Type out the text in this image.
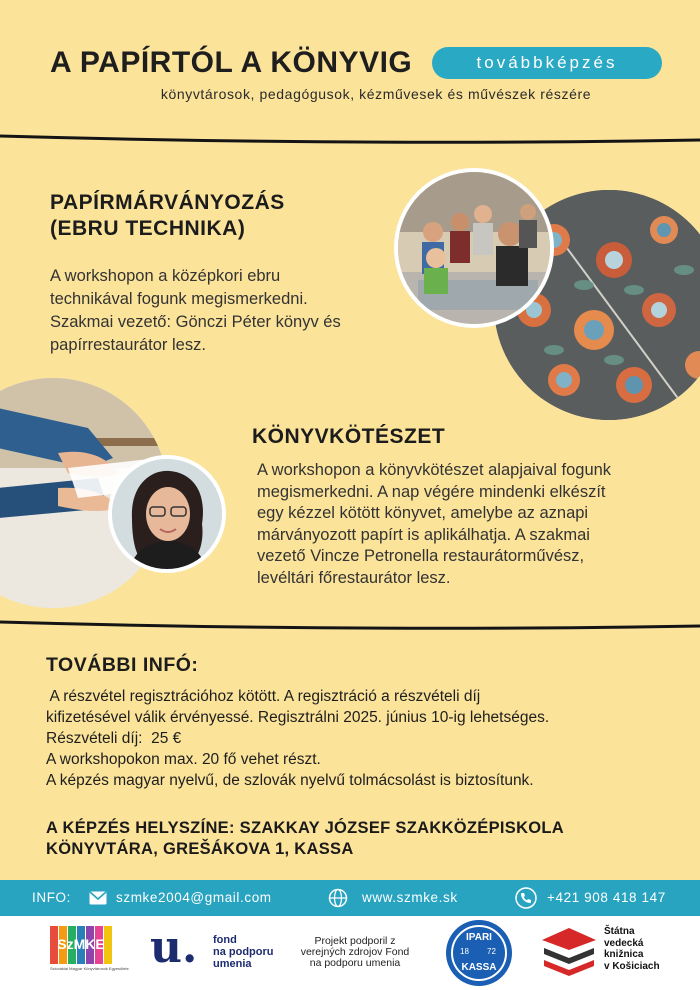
A PAPÍRTÓL A KÖNYVIG	továbbképzés
könyvtárosok, pedagógusok, kézművesek és művészek részére
PAPÍRMÁRVÁNYOZÁS
(EBRU TECHNIKA)
A workshopon a középkori ebru
technikával fogunk megismerkedni.
Szakmai vezető: Gönczi Péter könyv és
papírrestaurátor lesz.
KÖNYVKÖTÉSZET
A workshopon a könyvkötészet alapjaival fogunk
megismerkedni. A nap végére mindenki elkészít
egy kézzel kötött könyvet, amelybe az aznapi
márványozott papírt is aplikálhatja. A szakmai
vezető Vincze Petronella restaurátorművész,
levéltári főrestaurátor lesz.
TOVÁBBI INFÓ:
A részvétel regisztrációhoz kötött. A regisztráció a részvételi díj
kifizetésével válik érvényessé. Regisztrálni 2025. június 10-ig lehetséges.
Részvételi díj:  25 €
A workshopokon max. 20 fő vehet részt.
A képzés magyar nyelvű, de szlovák nyelvű tolmácsolást is biztosítunk.
A KÉPZÉS HELYSZÍNE: SZAKKAY JÓZSEF SZAKKÖZÉPISKOLA
KÖNYVTÁRA, GREŠÁKOVA 1, KASSA
INFO:	szmke2004@gmail.com	www.szmke.sk	+421 908 418 147
SzMKE
Szlovákiai Magyar Könyvtárosok Egyesülete u. fond
na podporu
umenia
Projekt podporil z
verejných zdrojov Fond
na podporu umenia
IPARI
KASSA
18 72
Štátna
vedecká
knižnica
v Košiciach
